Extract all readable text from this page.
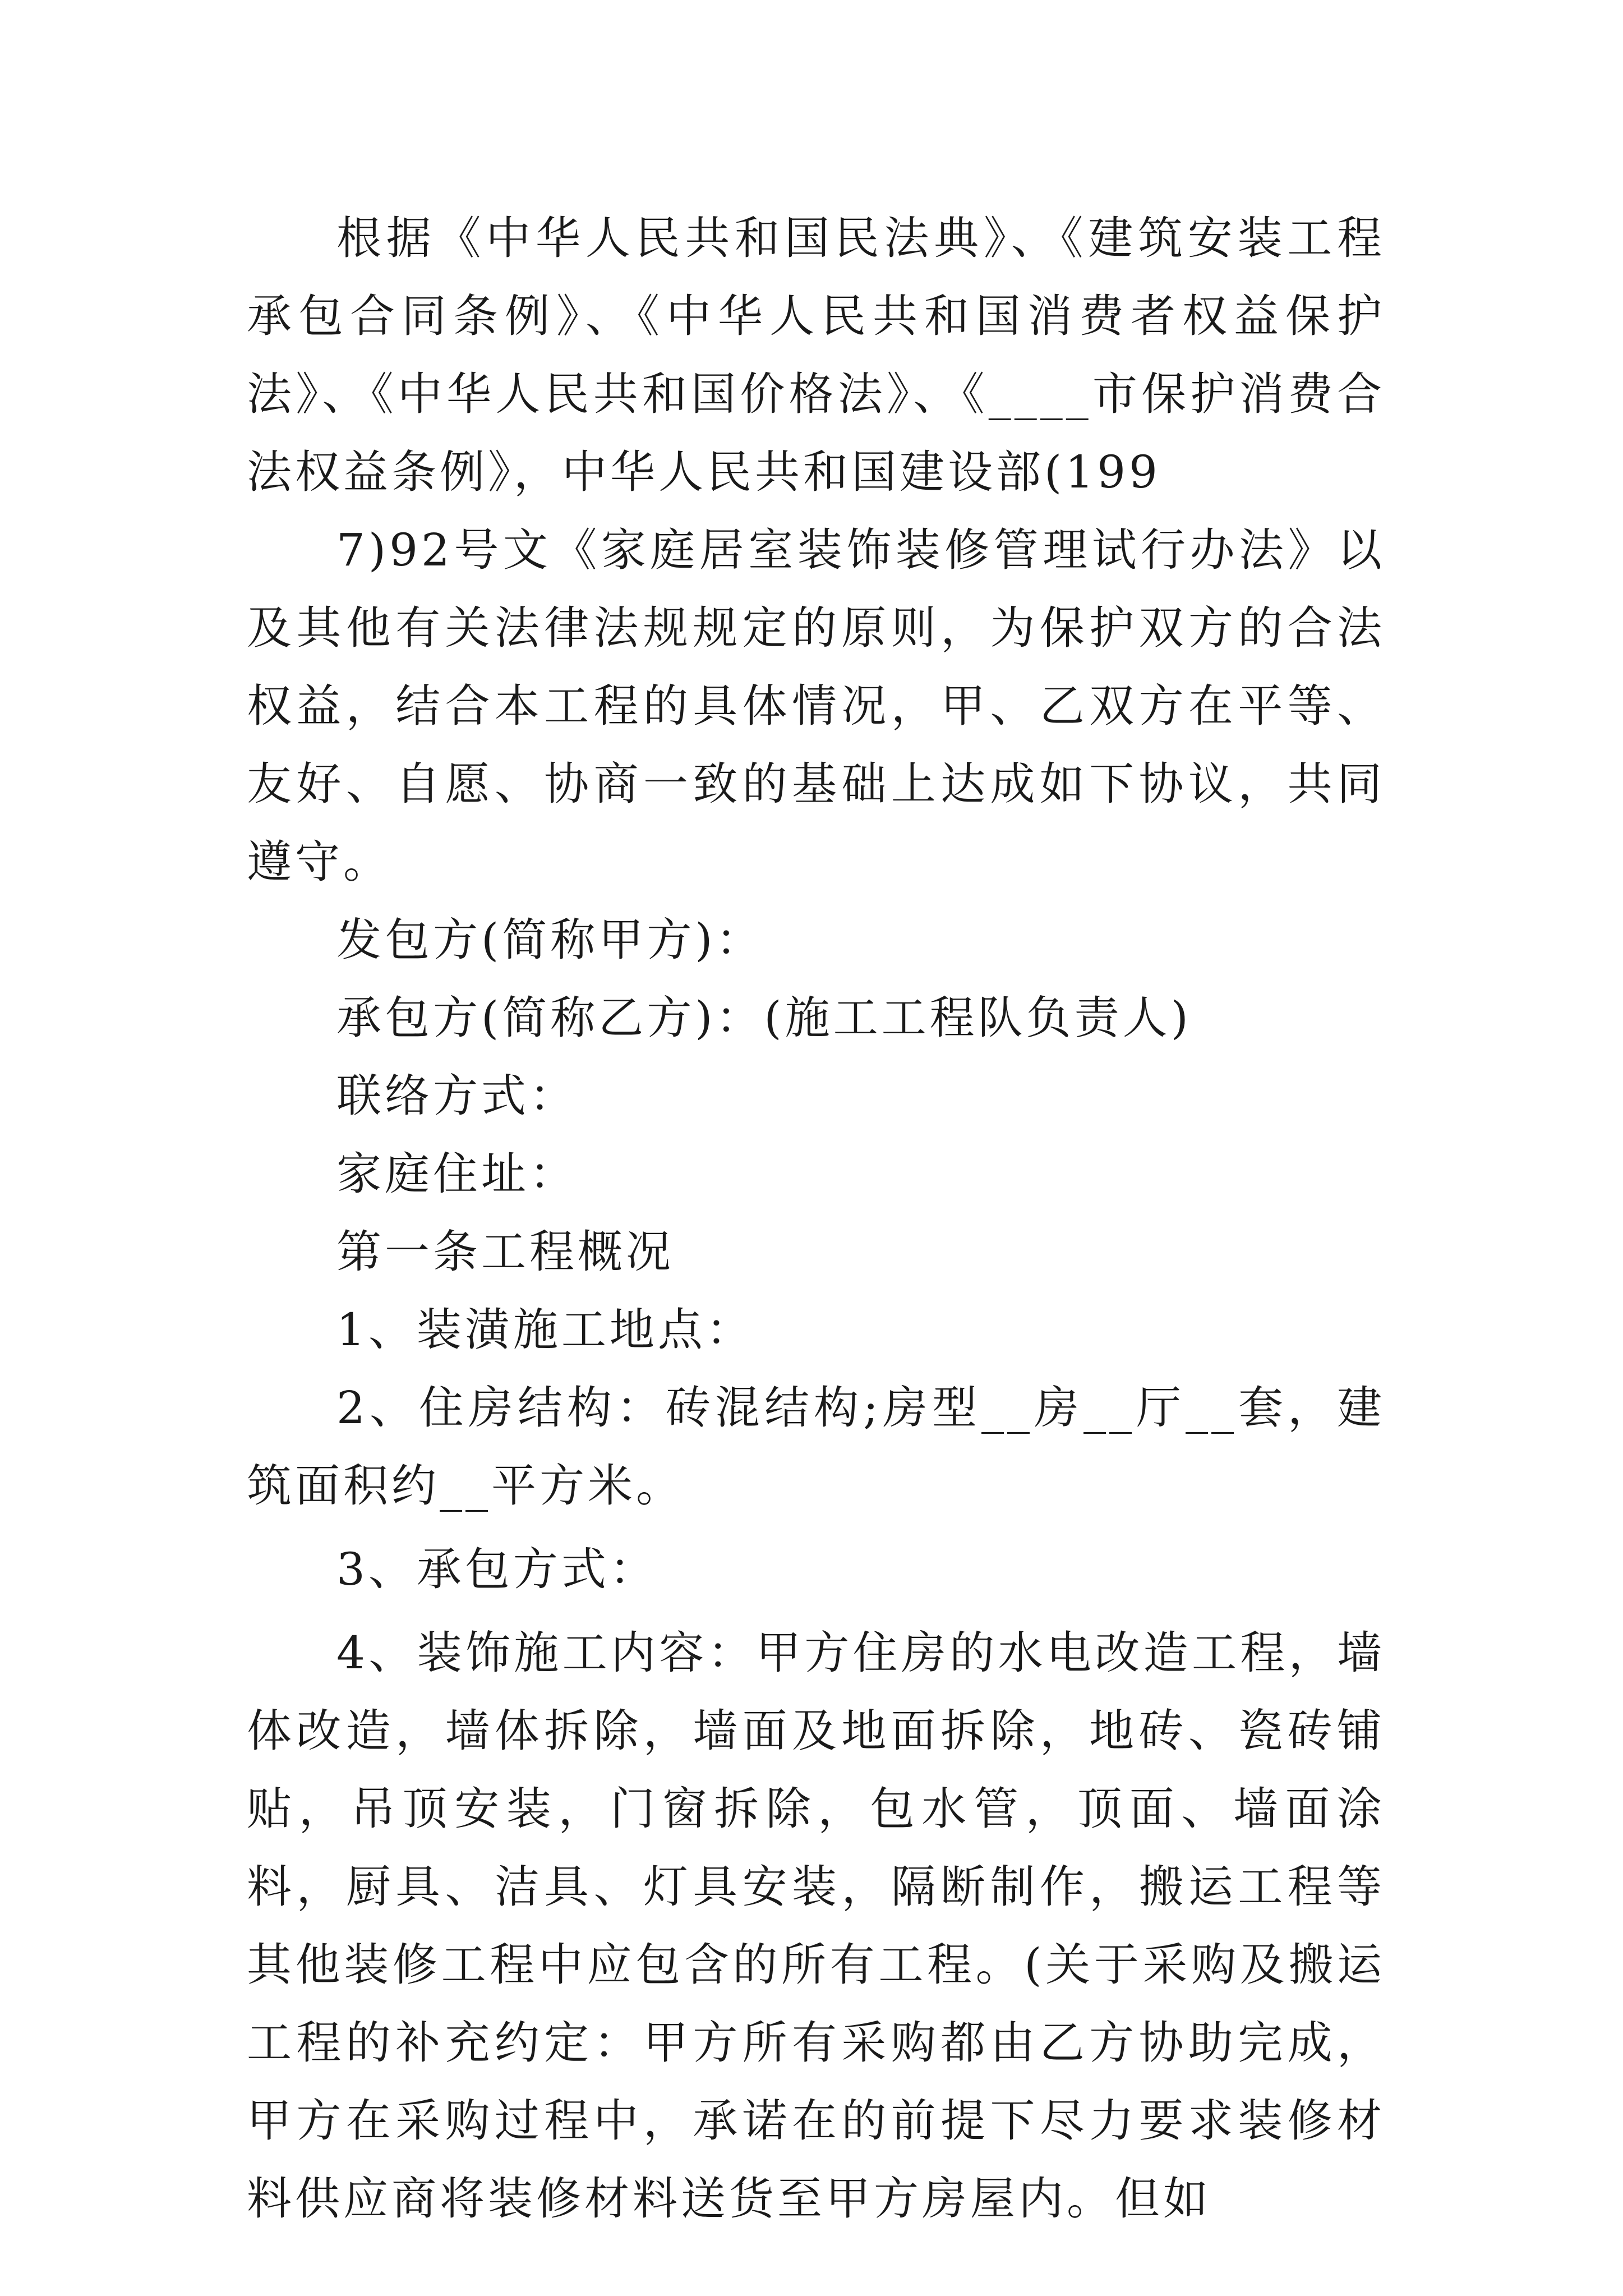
根据《中华人民共和国民法典》、《建筑安装工程承包合同条例》、《中华人民共和国消费者权益保护法》、《中华人民共和国价格法》、《____市保护消费合法权益条例》，中华人民共和国建设部(199

7)92号文《家庭居室装饰装修管理试行办法》以及其他有关法律法规规定的原则，为保护双方的合法权益，结合本工程的具体情况，甲、乙双方在平等、友好、自愿、协商一致的基础上达成如下协议，共同遵守。

发包方(简称甲方)：

承包方(简称乙方)：(施工工程队负责人)

联络方式：

家庭住址：

第一条工程概况

1、装潢施工地点：

2、住房结构：砖混结构;房型__房__厅__套，建筑面积约__平方米。

3、承包方式：

4、装饰施工内容：甲方住房的水电改造工程，墙体改造，墙体拆除，墙面及地面拆除，地砖、瓷砖铺贴，吊顶安装，门窗拆除，包水管，顶面、墙面涂料，厨具、洁具、灯具安装，隔断制作，搬运工程等其他装修工程中应包含的所有工程。(关于采购及搬运工程的补充约定：甲方所有采购都由乙方协助完成，甲方在采购过程中，承诺在的前提下尽力要求装修材料供应商将装修材料送货至甲方房屋内。但如
